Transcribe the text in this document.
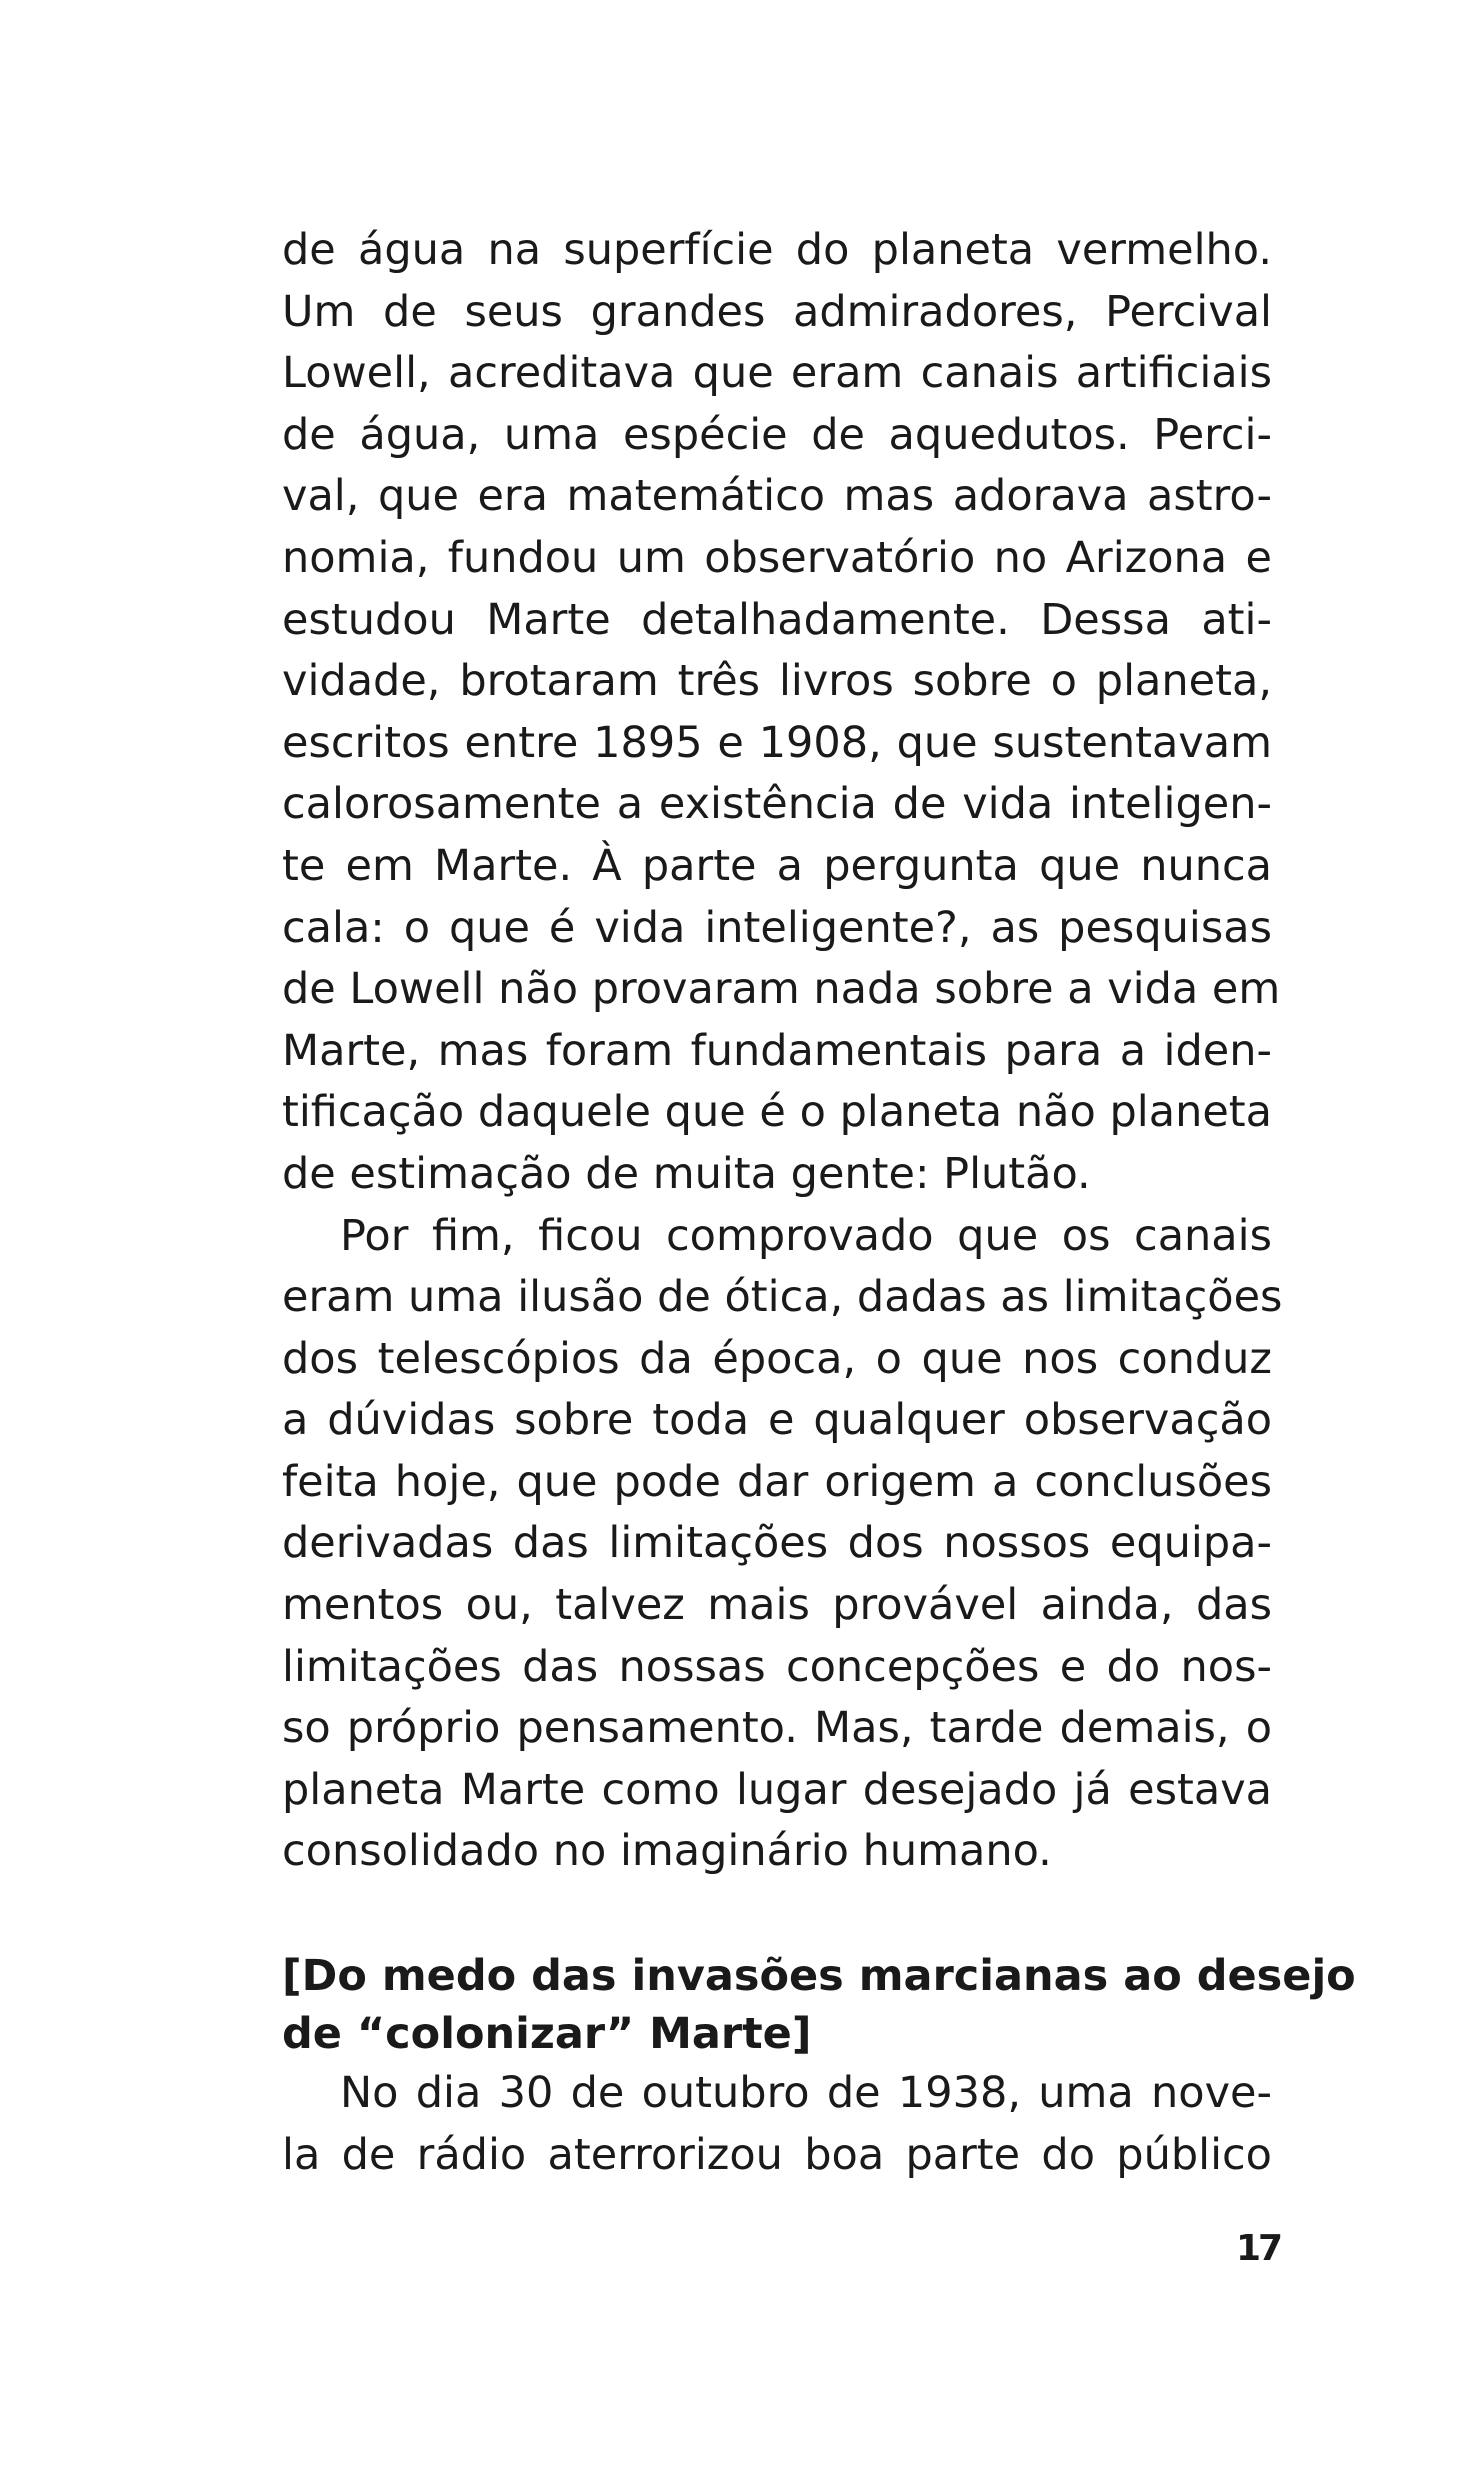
de água na superfície do planeta vermelho.
Um de seus grandes admiradores, Percival
Lowell, acreditava que eram canais artificiais
de água, uma espécie de aquedutos. Perci-
val, que era matemático mas adorava astro-
nomia, fundou um observatório no Arizona e
estudou Marte detalhadamente. Dessa ati-
vidade, brotaram três livros sobre o planeta,
escritos entre 1895 e 1908, que sustentavam
calorosamente a existência de vida inteligen-
te em Marte. À parte a pergunta que nunca
cala: o que é vida inteligente?, as pesquisas
de Lowell não provaram nada sobre a vida em
Marte, mas foram fundamentais para a iden-
tificação daquele que é o planeta não planeta
de estimação de muita gente: Plutão.
Por fim, ficou comprovado que os canais
eram uma ilusão de ótica, dadas as limitações
dos telescópios da época, o que nos conduz
a dúvidas sobre toda e qualquer observação
feita hoje, que pode dar origem a conclusões
derivadas das limitações dos nossos equipa-
mentos ou, talvez mais provável ainda, das
limitações das nossas concepções e do nos-
so próprio pensamento. Mas, tarde demais, o
planeta Marte como lugar desejado já estava
consolidado no imaginário humano.
[Do medo das invasões marcianas ao desejo
de “colonizar” Marte]
No dia 30 de outubro de 1938, uma nove-
la de rádio aterrorizou boa parte do público
17
